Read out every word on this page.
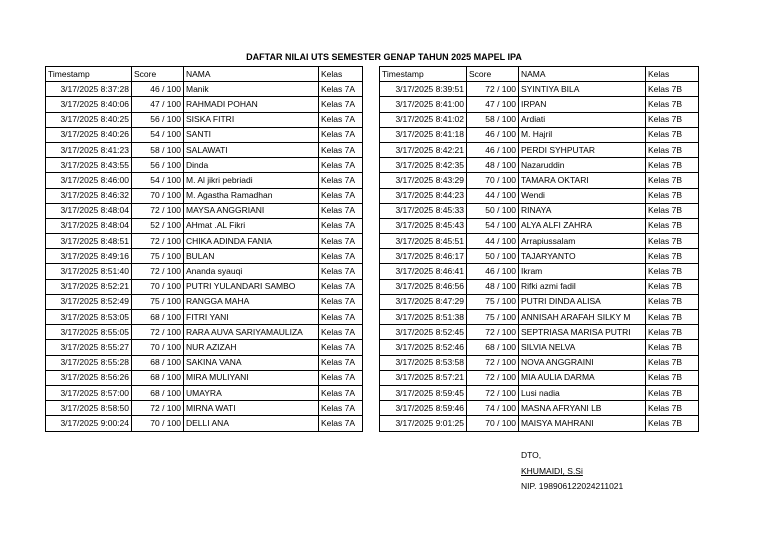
DAFTAR NILAI UTS SEMESTER GENAP TAHUN 2025 MAPEL IPA
Timestamp	Score	NAMA	Kelas
3/17/2025 8:37:28	46 / 100	Manik	Kelas 7A
3/17/2025 8:40:06	47 / 100	RAHMADI POHAN	Kelas 7A
3/17/2025 8:40:25	56 / 100	SISKA FITRI	Kelas 7A
3/17/2025 8:40:26	54 / 100	SANTI	Kelas 7A
3/17/2025 8:41:23	58 / 100	SALAWATI	Kelas 7A
3/17/2025 8:43:55	56 / 100	Dinda	Kelas 7A
3/17/2025 8:46:00	54 / 100	M. Al jikri pebriadi	Kelas 7A
3/17/2025 8:46:32	70 / 100	M. Agastha Ramadhan	Kelas 7A
3/17/2025 8:48:04	72 / 100	MAYSA ANGGRIANI	Kelas 7A
3/17/2025 8:48:04	52 / 100	AHmat .AL Fikri	Kelas 7A
3/17/2025 8:48:51	72 / 100	CHIKA ADINDA FANIA	Kelas 7A
3/17/2025 8:49:16	75 / 100	BULAN	Kelas 7A
3/17/2025 8:51:40	72 / 100	Ananda syauqi	Kelas 7A
3/17/2025 8:52:21	70 / 100	PUTRI YULANDARI SAMBO	Kelas 7A
3/17/2025 8:52:49	75 / 100	RANGGA MAHA	Kelas 7A
3/17/2025 8:53:05	68 / 100	FITRI YANI	Kelas 7A
3/17/2025 8:55:05	72 / 100	RARA AUVA SARIYAMAULIZA	Kelas 7A
3/17/2025 8:55:27	70 / 100	NUR AZIZAH	Kelas 7A
3/17/2025 8:55:28	68 / 100	SAKINA VANA	Kelas 7A
3/17/2025 8:56:26	68 / 100	MIRA MULIYANI	Kelas 7A
3/17/2025 8:57:00	68 / 100	UMAYRA	Kelas 7A
3/17/2025 8:58:50	72 / 100	MIRNA WATI	Kelas 7A
3/17/2025 9:00:24	70 / 100	DELLI ANA	Kelas 7A
Timestamp	Score	NAMA	Kelas
3/17/2025 8:39:51	72 / 100	SYINTIYA BILA	Kelas 7B
3/17/2025 8:41:00	47 / 100	IRPAN	Kelas 7B
3/17/2025 8:41:02	58 / 100	Ardiati	Kelas 7B
3/17/2025 8:41:18	46 / 100	M. Hajril	Kelas 7B
3/17/2025 8:42:21	46 / 100	PERDI SYHPUTAR	Kelas 7B
3/17/2025 8:42:35	48 / 100	Nazaruddin	Kelas 7B
3/17/2025 8:43:29	70 / 100	TAMARA OKTARI	Kelas 7B
3/17/2025 8:44:23	44 / 100	Wendi	Kelas 7B
3/17/2025 8:45:33	50 / 100	RINAYA	Kelas 7B
3/17/2025 8:45:43	54 / 100	ALYA ALFI ZAHRA	Kelas 7B
3/17/2025 8:45:51	44 / 100	Arrapiussalam	Kelas 7B
3/17/2025 8:46:17	50 / 100	TAJARYANTO	Kelas 7B
3/17/2025 8:46:41	46 / 100	Ikram	Kelas 7B
3/17/2025 8:46:56	48 / 100	Rifki azmi fadil	Kelas 7B
3/17/2025 8:47:29	75 / 100	PUTRI DINDA ALISA	Kelas 7B
3/17/2025 8:51:38	75 / 100	ANNISAH ARAFAH SILKY M	Kelas 7B
3/17/2025 8:52:45	72 / 100	SEPTRIASA MARISA PUTRI	Kelas 7B
3/17/2025 8:52:46	68 / 100	SILVIA NELVA	Kelas 7B
3/17/2025 8:53:58	72 / 100	NOVA ANGGRAINI	Kelas 7B
3/17/2025 8:57:21	72 / 100	MIA AULIA DARMA	Kelas 7B
3/17/2025 8:59:45	72 / 100	Lusi nadia	Kelas 7B
3/17/2025 8:59:46	74 / 100	MASNA AFRYANI LB	Kelas 7B
3/17/2025 9:01:25	70 / 100	MAISYA MAHRANI	Kelas 7B
DTO,
KHUMAIDI, S.Si
NIP. 198906122024211021
